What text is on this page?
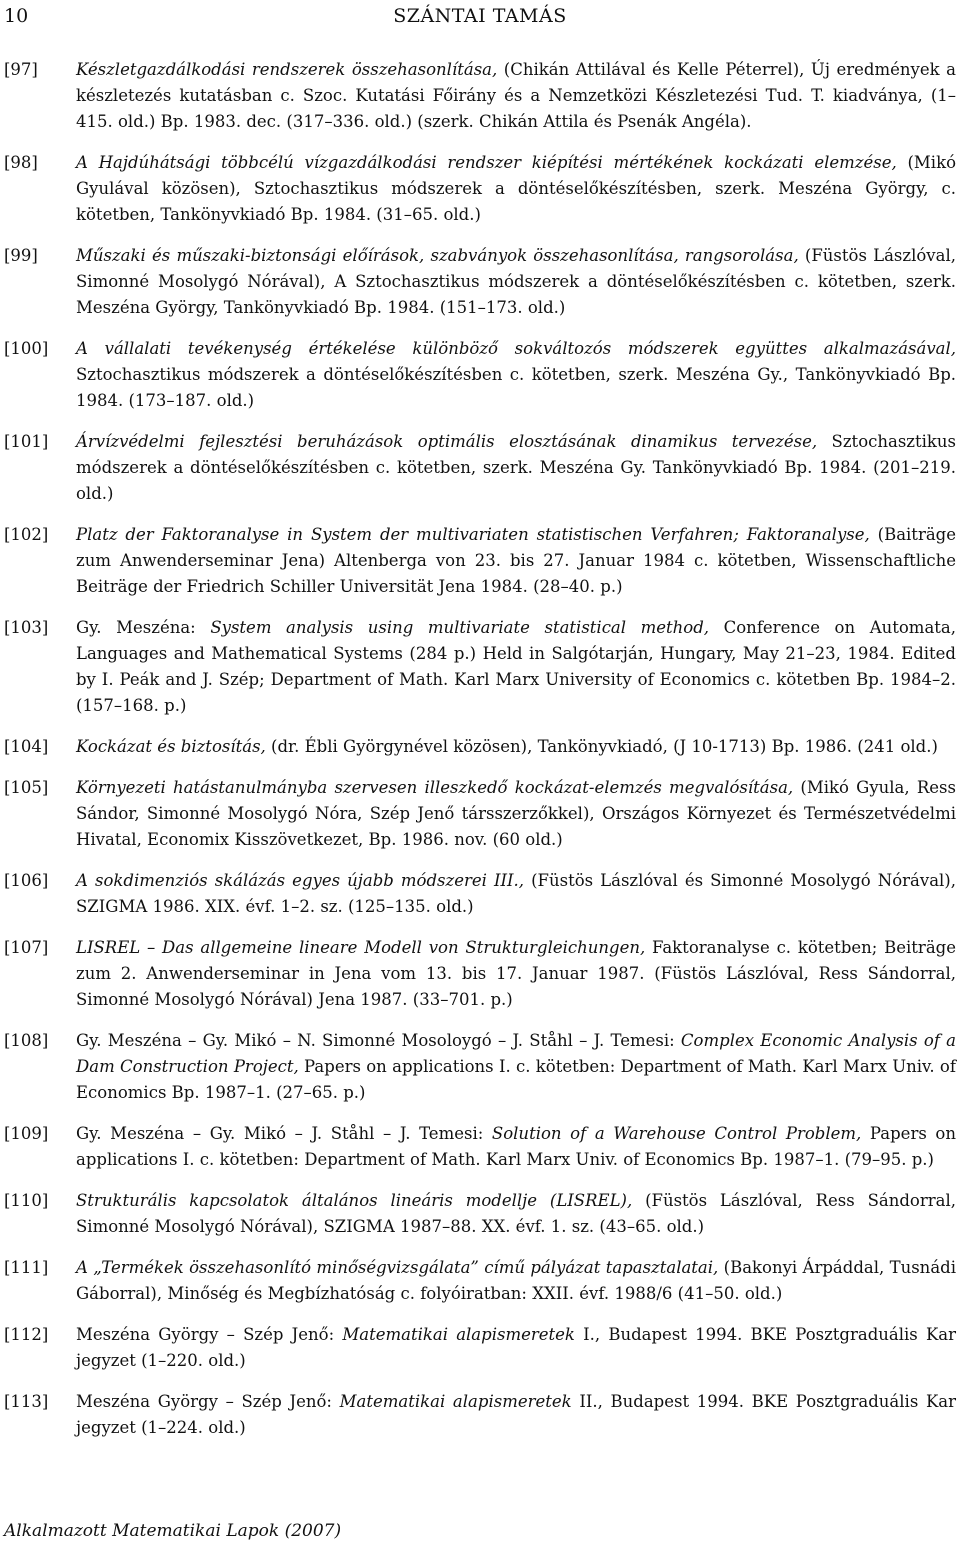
10	SZÁNTAI TAMÁS
[97]	Készletgazdálkodási rendszerek összehasonlítása, (Chikán Attilával és Kelle Péterrel), Új eredmények a készletezés kutatásban c. Szoc. Kutatási Főirány és a Nemzetközi Készletezési Tud. T. kiadványa, (1–415. old.) Bp. 1983. dec. (317–336. old.) (szerk. Chikán Attila és Psenák Angéla).
[98]	A Hajdúhátsági többcélú vízgazdálkodási rendszer kiépítési mértékének kockázati elemzése, (Mikó Gyulával közösen), Sztochasztikus módszerek a döntéselőkészítésben, szerk. Meszéna György, c. kötetben, Tankönyvkiadó Bp. 1984. (31–65. old.)
[99]	Műszaki és műszaki-biztonsági előírások, szabványok összehasonlítása, rangsorolása, (Füstös Lászlóval, Simonné Mosolygó Nórával), A Sztochasztikus módszerek a döntéselőkészítésben c. kötetben, szerk. Meszéna György, Tankönyvkiadó Bp. 1984. (151–173. old.)
[100]	A vállalati tevékenység értékelése különböző sokváltozós módszerek együttes alkalmazásával, Sztochasztikus módszerek a döntéselőkészítésben c. kötetben, szerk. Meszéna Gy., Tankönyvkiadó Bp. 1984. (173–187. old.)
[101]	Árvízvédelmi fejlesztési beruházások optimális elosztásának dinamikus tervezése, Sztochasztikus módszerek a döntéselőkészítésben c. kötetben, szerk. Meszéna Gy. Tankönyvkiadó Bp. 1984. (201–219. old.)
[102]	Platz der Faktoranalyse in System der multivariaten statistischen Verfahren; Faktoranalyse, (Baiträge zum Anwenderseminar Jena) Altenberga von 23. bis 27. Januar 1984 c. kötetben, Wissenschaftliche Beiträge der Friedrich Schiller Universität Jena 1984. (28–40. p.)
[103]	Gy. Meszéna: System analysis using multivariate statistical method, Conference on Automata, Languages and Mathematical Systems (284 p.) Held in Salgótarján, Hungary, May 21–23, 1984. Edited by I. Peák and J. Szép; Department of Math. Karl Marx University of Economics c. kötetben Bp. 1984–2. (157–168. p.)
[104]	Kockázat és biztosítás, (dr. Ébli Györgynével közösen), Tankönyvkiadó, (J 10-1713) Bp. 1986. (241 old.)
[105]	Környezeti hatástanulmányba szervesen illeszkedő kockázat-elemzés megvalósítása, (Mikó Gyula, Ress Sándor, Simonné Mosolygó Nóra, Szép Jenő társszerzőkkel), Országos Környezet és Természetvédelmi Hivatal, Economix Kisszövetkezet, Bp. 1986. nov. (60 old.)
[106]	A sokdimenziós skálázás egyes újabb módszerei III., (Füstös Lászlóval és Simonné Mosolygó Nórával), SZIGMA 1986. XIX. évf. 1–2. sz. (125–135. old.)
[107]	LISREL – Das allgemeine lineare Modell von Strukturgleichungen, Faktoranalyse c. kötetben; Beiträge zum 2. Anwenderseminar in Jena vom 13. bis 17. Januar 1987. (Füstös Lászlóval, Ress Sándorral, Simonné Mosolygó Nórával) Jena 1987. (33–701. p.)
[108]	Gy. Meszéna – Gy. Mikó – N. Simonné Mosoloygó – J. Ståhl – J. Temesi: Complex Economic Analysis of a Dam Construction Project, Papers on applications I. c. kötetben: Department of Math. Karl Marx Univ. of Economics Bp. 1987–1. (27–65. p.)
[109]	Gy. Meszéna – Gy. Mikó – J. Ståhl – J. Temesi: Solution of a Warehouse Control Problem, Papers on applications I. c. kötetben: Department of Math. Karl Marx Univ. of Economics Bp. 1987–1. (79–95. p.)
[110]	Strukturális kapcsolatok általános lineáris modellje (LISREL), (Füstös Lászlóval, Ress Sándorral, Simonné Mosolygó Nórával), SZIGMA 1987–88. XX. évf. 1. sz. (43–65. old.)
[111]	A „Termékek összehasonlító minőségvizsgálata” című pályázat tapasztalatai, (Bakonyi Árpáddal, Tusnádi Gáborral), Minőség és Megbízhatóság c. folyóiratban: XXII. évf. 1988/6 (41–50. old.)
[112]	Meszéna György – Szép Jenő: Matematikai alapismeretek I., Budapest 1994. BKE Posztgraduális Kar jegyzet (1–220. old.)
[113]	Meszéna György – Szép Jenő: Matematikai alapismeretek II., Budapest 1994. BKE Posztgraduális Kar jegyzet (1–224. old.)
Alkalmazott Matematikai Lapok (2007)
